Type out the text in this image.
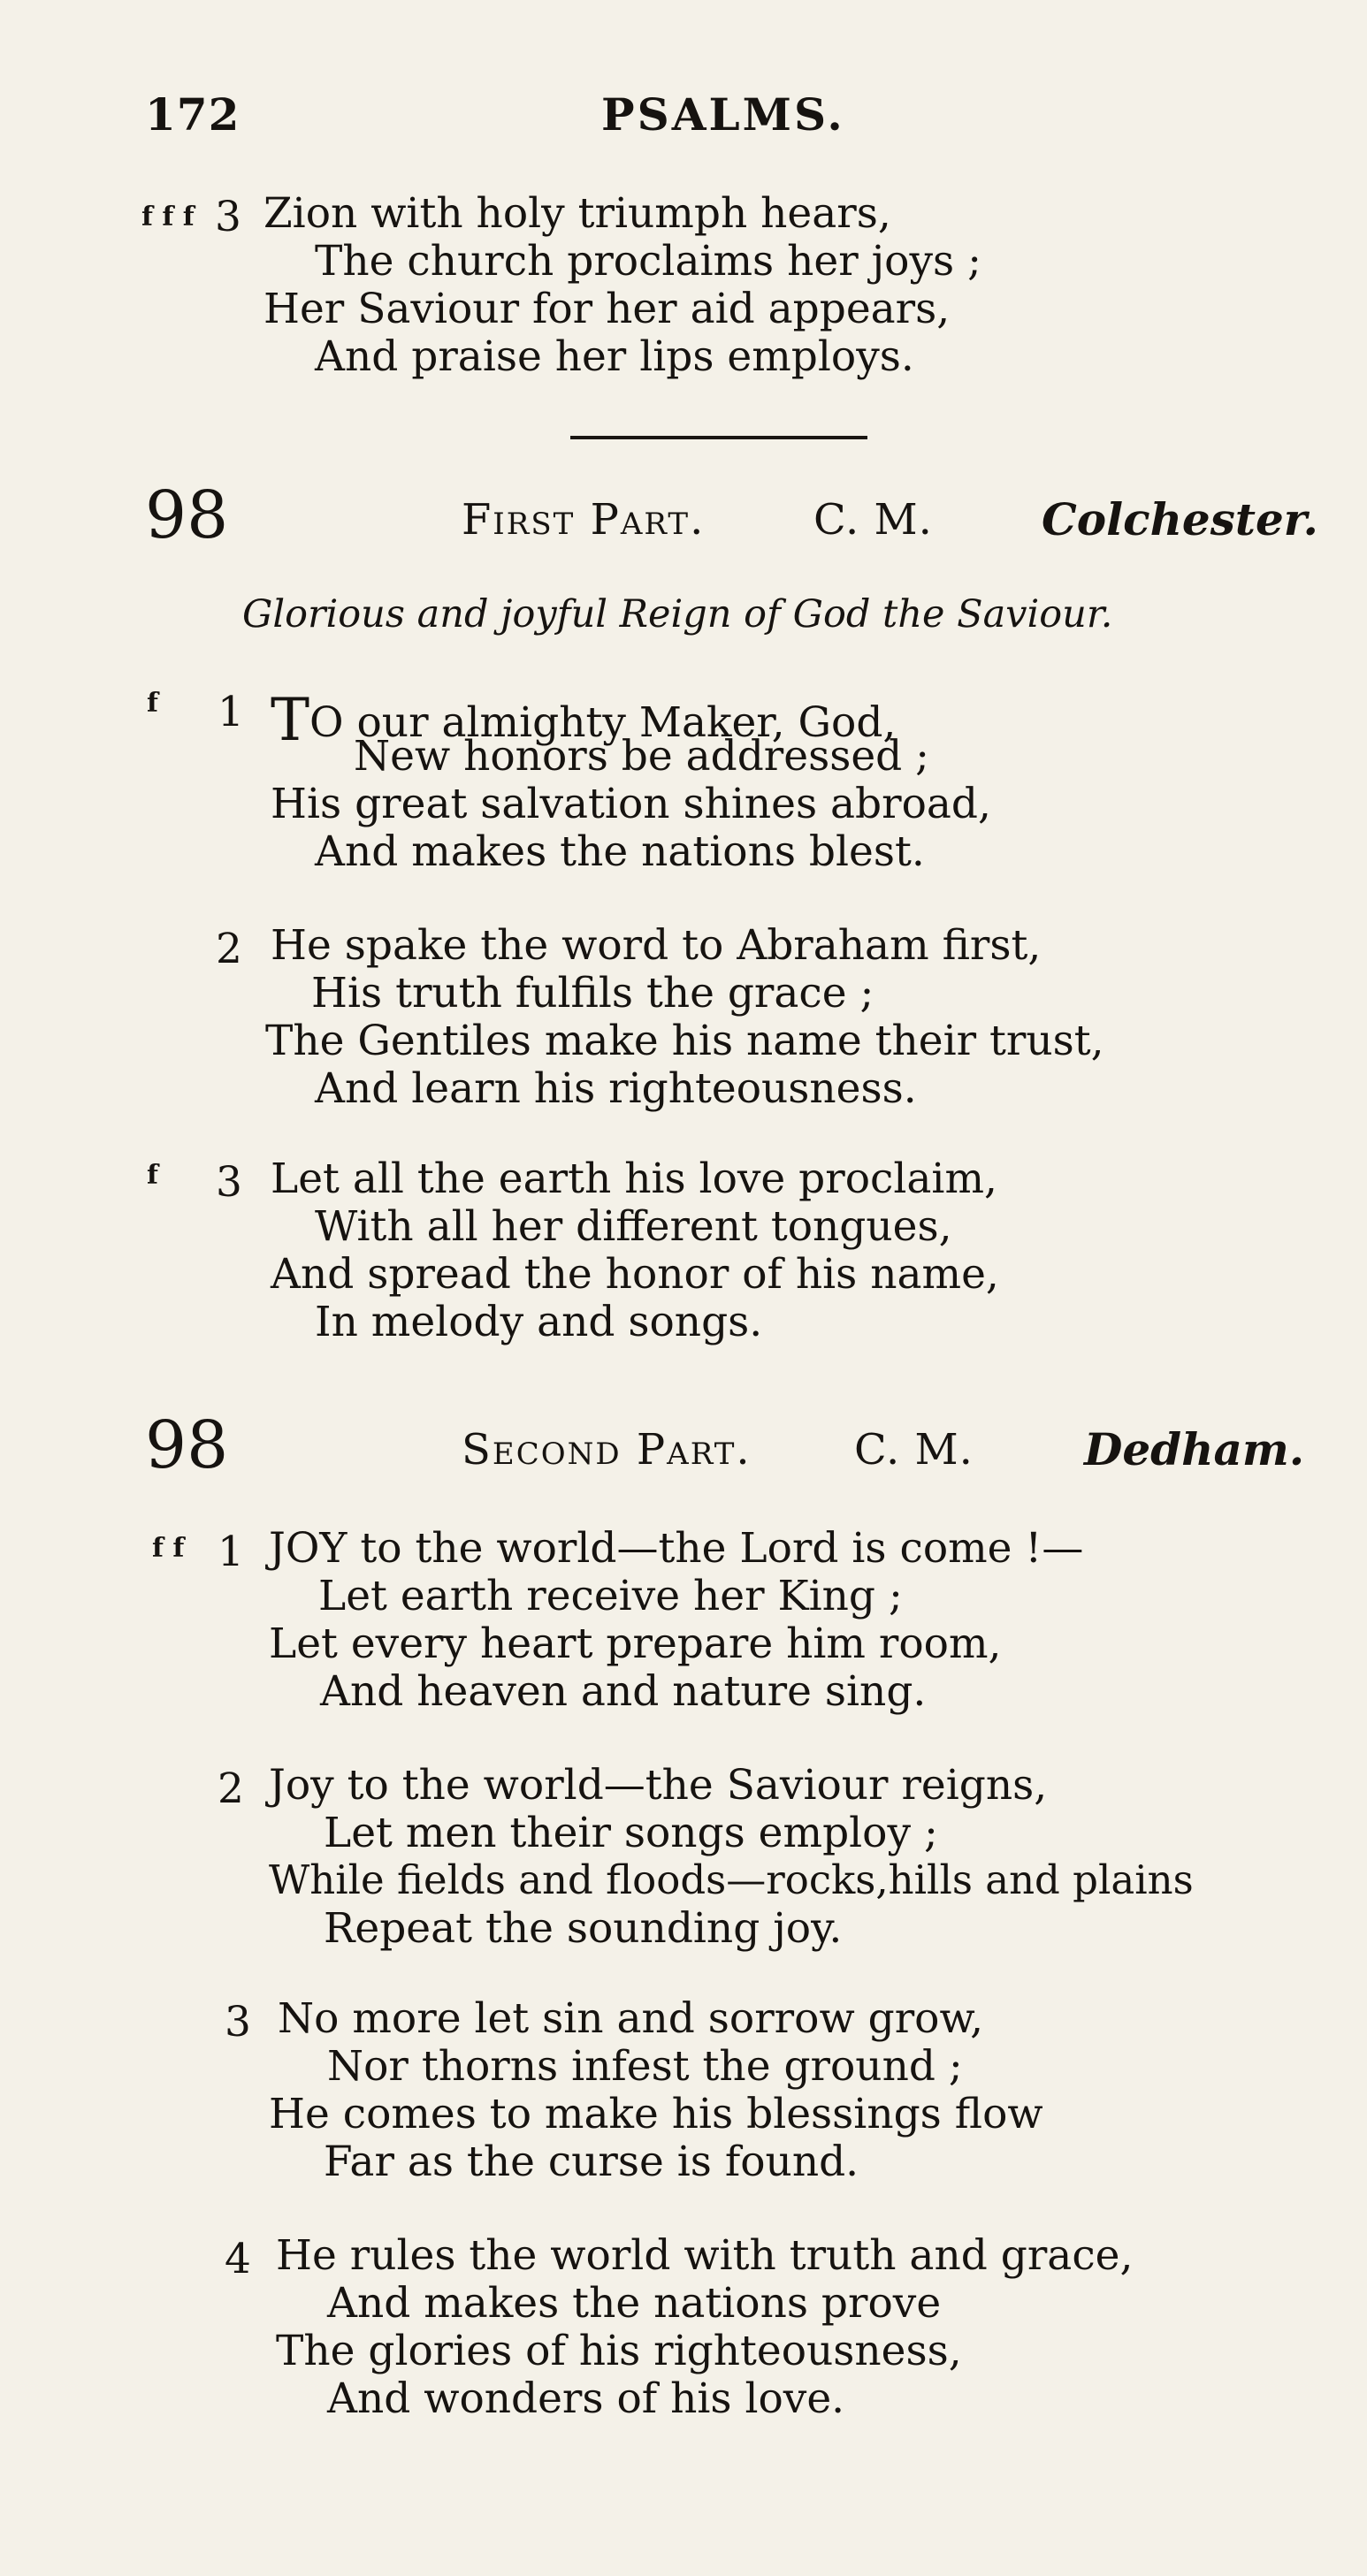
172	PSALMS.
f f f 3 Zion with holy triumph hears,
The church proclaims her joys ;
Her Saviour for her aid appears,
And praise her lips employs.
98	First Part.	C. M. Colchester.
Glorious and joyful Reign of God the Saviour.
f 1 TO our almighty Maker, God,
New honors be addressed ;
His great salvation shines abroad,
And makes the nations blest.
2 He spake the word to Abraham first,
His truth fulfils the grace ;
The Gentiles make his name their trust,
And learn his righteousness.
f 3 Let all the earth his love proclaim,
With all her different tongues,
And spread the honor of his name,
In melody and songs.
98	Second Part. C. M.	Dedham.
f f 1 JOY to the world—the Lord is come !—
Let earth receive her King ;
Let every heart prepare him room,
And heaven and nature sing.
2 Joy to the world—the Saviour reigns,
Let men their songs employ ;
While fields and floods—rocks,hills and plains
Repeat the sounding joy.
3 No more let sin and sorrow grow,
Nor thorns infest the ground ;
He comes to make his blessings flow
Far as the curse is found.
4 He rules the world with truth and grace,
And makes the nations prove
The glories of his righteousness,
And wonders of his love.
